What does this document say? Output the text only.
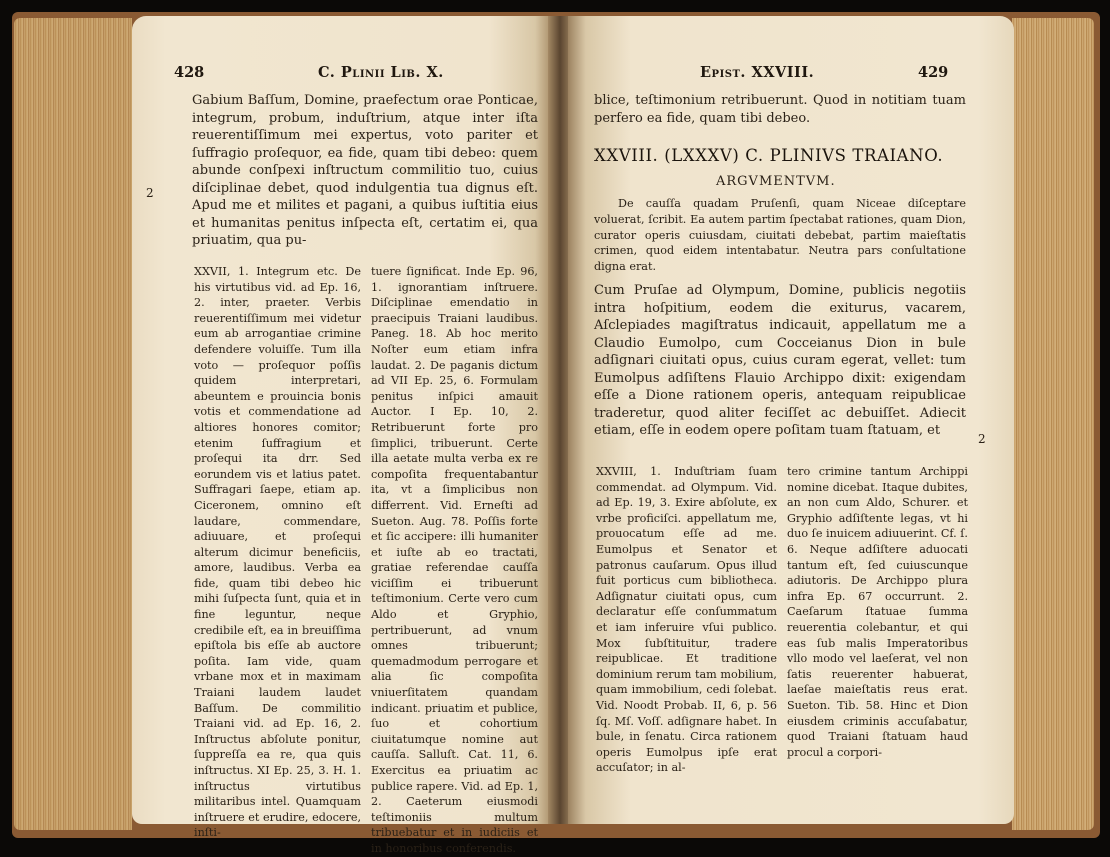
428	C. Plinii Lib. X.

Gabium Baſſum, Domine, praefectum orae Ponticae, integrum, probum, induſtrium, atque inter iſta reuerentiſſimum mei expertus, voto pariter et ſuffragio proſequor, ea fide, quam tibi debeo: quem abunde conſpexi inſtructum commilitio tuo, cuius diſciplinae debet, quod indulgentia tua dignus eſt. Apud me et milites et pagani, a quibus iuſtitia eius et humanitas penitus inſpecta eſt, certatim ei, qua priuatim, qua pu-

2

XXVII, 1. Integrum etc. De his virtutibus vid. ad Ep. 16, 2. inter, praeter. Verbis reuerentiſſimum mei videtur eum ab arrogantiae crimine defendere voluiſſe. Tum illa voto — proſequor poſſis quidem interpretari, abeuntem e prouincia bonis votis et commendatione ad altiores honores comitor; etenim ſuffragium et proſequi ita drr. Sed eorundem vis et latius patet. Suffragari ſaepe, etiam ap. Ciceronem, omnino eſt laudare, commendare, adiuuare, et proſequi alterum dicimur beneficiis, amore, laudibus. Verba ea fide, quam tibi debeo hic mihi ſuſpecta ſunt, quia et in fine leguntur, neque credibile eſt, ea in breuiſſima epiſtola bis eſſe ab auctore poſita. Iam vide, quam vrbane mox et in maximam Traiani laudem laudet Baſſum. De commilitio Traiani vid. ad Ep. 16, 2. Inſtructus abſolute ponitur, ſuppreſſa ea re, qua quis inſtructus. XI Ep. 25, 3. H. 1. inſtructus virtutibus militaribus intel. Quamquam inſtruere et erudire, edocere, inſti-

tuere ſignificat. Inde Ep. 96, 1. ignorantiam inſtruere. Diſciplinae emendatio in praecipuis Traiani laudibus. Paneg. 18. Ab hoc merito Noſter eum etiam infra laudat. 2. De paganis dictum ad VII Ep. 25, 6. Formulam penitus inſpici amauit Auctor. I Ep. 10, 2. Retribuerunt forte pro ſimplici, tribuerunt. Certe illa aetate multa verba ex re compoſita frequentabantur ita, vt a ſimplicibus non differrent. Vid. Erneſti ad Sueton. Aug. 78. Poſſis forte et ſic accipere: illi humaniter et iuſte ab eo tractati, gratiae referendae cauſſa viciſſim ei tribuerunt teſtimonium. Certe vero cum Aldo et Gryphio, pertribuerunt, ad vnum omnes tribuerunt; quemadmodum perrogare et alia ſic compoſita vniuerſitatem quandam indicant. priuatim et publice, ſuo et cohortium ciuitatumque nomine aut cauſſa. Salluſt. Cat. 11, 6. Exercitus ea priuatim ac publice rapere. Vid. ad Ep. 1, 2. Caeterum eiusmodi teſtimoniis multum tribuebatur et in iudiciis et in honoribus conferendis.

Epist. XXVIII.	429

blice, teſtimonium retribuerunt. Quod in notitiam tuam perfero ea fide, quam tibi debeo.

XXVIII. (LXXXV) C. PLINIVS TRAIANO.
ARGVMENTVM.
De cauſſa quadam Pruſenſi, quam Niceae diſceptare voluerat, ſcribit. Ea autem partim ſpectabat rationes, quam Dion, curator operis cuiusdam, ciuitati debebat, partim maieſtatis crimen, quod eidem intentabatur. Neutra pars conſultatione digna erat.

Cum Pruſae ad Olympum, Domine, publicis negotiis intra hoſpitium, eodem die exiturus, vacarem, Aſclepiades magiſtratus indicauit, appellatum me a Claudio Eumolpo, cum Cocceianus Dion in bule adſignari ciuitati opus, cuius curam egerat, vellet: tum Eumolpus adſiſtens Flauio Archippo dixit: exigendam eſſe a Dione rationem operis, antequam reipublicae traderetur, quod aliter feciſſet ac debuiſſet. Adiecit etiam, eſſe in eodem opere poſitam tuam ſtatuam, et

2

XXVIII, 1. Induſtriam ſuam commendat. ad Olympum. Vid. ad Ep. 19, 3. Exire abſolute, ex vrbe proficiſci. appellatum me, prouocatum eſſe ad me. Eumolpus et Senator et patronus cauſarum. Opus illud fuit porticus cum bibliotheca. Adſignatur ciuitati opus, cum declaratur eſſe conſummatum et iam inferuire vſui publico. Mox ſubſtituitur, tradere reipublicae. Et traditione dominium rerum tam mobilium, quam immobilium, cedi ſolebat. Vid. Noodt Probab. II, 6, p. 56 ſq. Mſ. Voſſ. adſignare habet. In bule, in ſenatu. Circa rationem operis Eumolpus ipſe erat accuſator; in al-

tero crimine tantum Archippi nomine dicebat. Itaque dubites, an non cum Aldo, Schurer. et Gryphio adſiſtente legas, vt hi duo ſe inuicem adiuuerint. Cf. ſ. 6. Neque adſiſtere aduocati tantum eſt, ſed cuiuscunque adiutoris. De Archippo plura infra Ep. 67 occurrunt. 2. Caeſarum ſtatuae ſumma reuerentia colebantur, et qui eas ſub malis Imperatoribus vllo modo vel laeſerat, vel non ſatis reuerenter habuerat, laeſae maieſtatis reus erat. Sueton. Tib. 58. Hinc et Dion eiusdem criminis accuſabatur, quod Traiani ſtatuam haud procul a corpori-
